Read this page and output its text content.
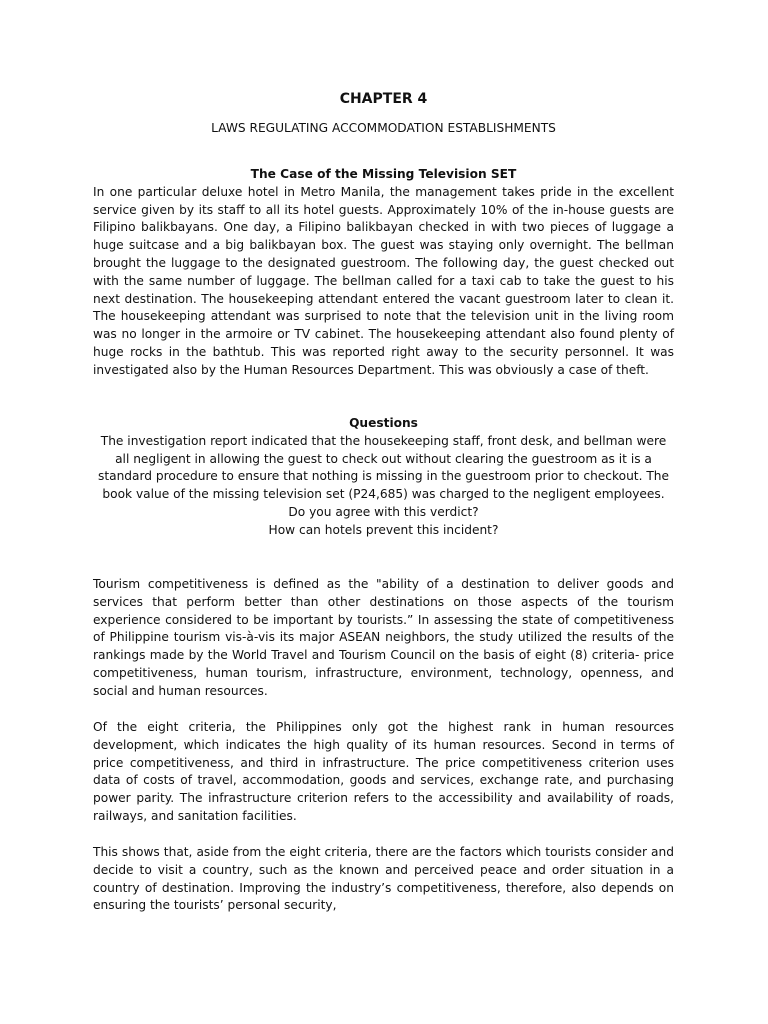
CHAPTER 4

LAWS REGULATING ACCOMMODATION ESTABLISHMENTS

The Case of the Missing Television SET

In one particular deluxe hotel in Metro Manila, the management takes pride in the excellent service given by its staff to all its hotel guests. Approximately 10% of the in-house guests are Filipino balikbayans. One day, a Filipino balikbayan checked in with two pieces of luggage a huge suitcase and a big balikbayan box. The guest was staying only overnight. The bellman brought the luggage to the designated guestroom. The following day, the guest checked out with the same number of luggage. The bellman called for a taxi cab to take the guest to his next destination. The housekeeping attendant entered the vacant guestroom later to clean it. The housekeeping attendant was surprised to note that the television unit in the living room was no longer in the armoire or TV cabinet. The housekeeping attendant also found plenty of huge rocks in the bathtub. This was reported right away to the security personnel. It was investigated also by the Human Resources Department. This was obviously a case of theft.

Questions

The investigation report indicated that the housekeeping staff, front desk, and bellman were all negligent in allowing the guest to check out without clearing the guestroom as it is a standard procedure to ensure that nothing is missing in the guestroom prior to checkout. The book value of the missing television set (P24,685) was charged to the negligent employees.

Do you agree with this verdict?

How can hotels prevent this incident?

Tourism competitiveness is defined as the "ability of a destination to deliver goods and services that perform better than other destinations on those aspects of the tourism experience considered to be important by tourists.” In assessing the state of competitiveness of Philippine tourism vis-à-vis its major ASEAN neighbors, the study utilized the results of the rankings made by the World Travel and Tourism Council on the basis of eight (8) criteria- price competitiveness, human tourism, infrastructure, environment, technology, openness, and social and human resources.

Of the eight criteria, the Philippines only got the highest rank in human resources development, which indicates the high quality of its human resources. Second in terms of price competitiveness, and third in infrastructure. The price competitiveness criterion uses data of costs of travel, accommodation, goods and services, exchange rate, and purchasing power parity. The infrastructure criterion refers to the accessibility and availability of roads, railways, and sanitation facilities.

This shows that, aside from the eight criteria, there are the factors which tourists consider and decide to visit a country, such as the known and perceived peace and order situation in a country of destination. Improving the industry’s competitiveness, therefore, also depends on ensuring the tourists’ personal security,
